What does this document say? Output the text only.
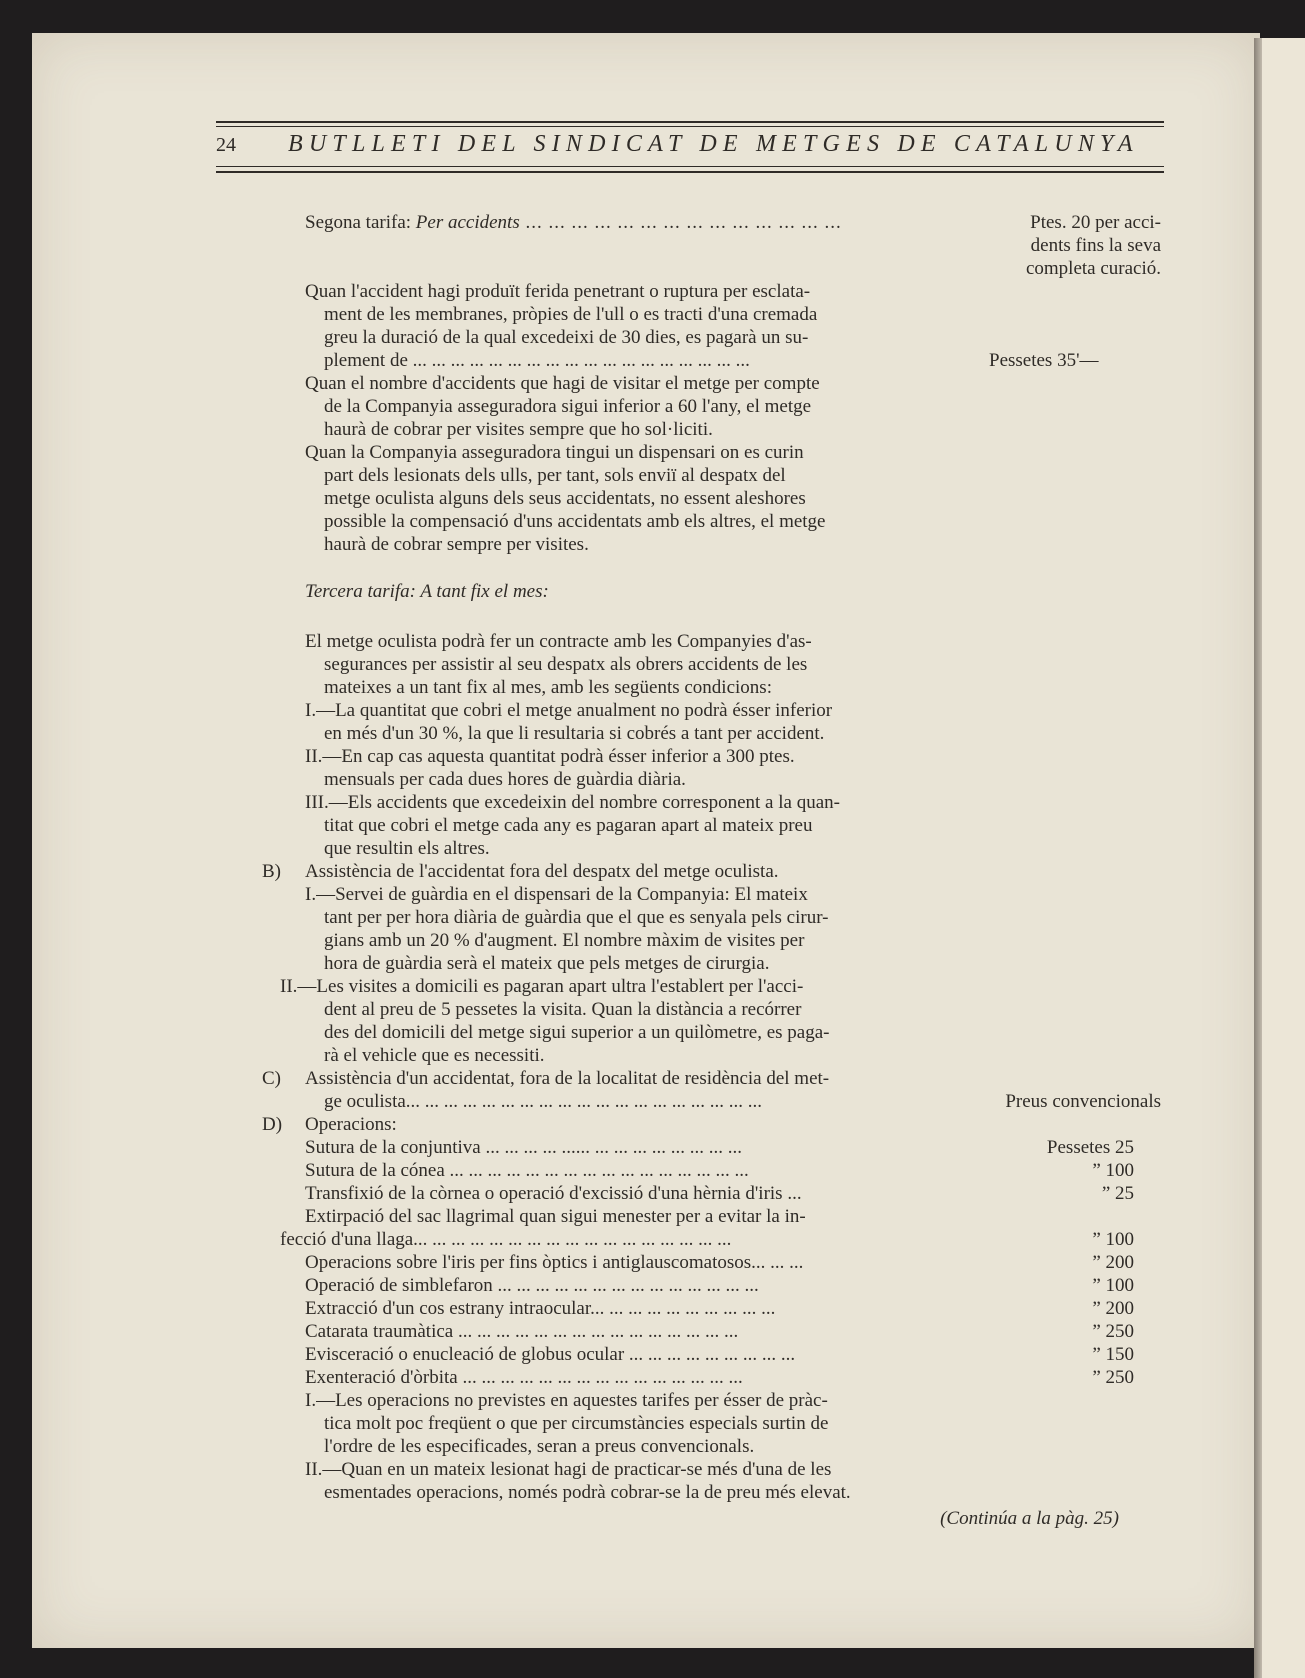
24 BUTLLETI DEL SINDICAT DE METGES DE CATALUNYA
Segona tarifa: Per accidents ... ... ... ... ... ... ... ... ... ... ... ... ... ...	Ptes. 20 per acci-
dents fins la seva
completa curació.
Quan l'accident hagi produït ferida penetrant o ruptura per esclata-
ment de les membranes, pròpies de l'ull o es tracti d'una cremada
greu la duració de la qual excedeixi de 30 dies, es pagarà un su-
plement de ... ... ... ... ... ... ... ... ... ... ... ... ... ... ... ... ... ...	Pessetes 35'—
Quan el nombre d'accidents que hagi de visitar el metge per compte
de la Companyia asseguradora sigui inferior a 60 l'any, el metge
haurà de cobrar per visites sempre que ho sol·liciti.
Quan la Companyia asseguradora tingui un dispensari on es curin
part dels lesionats dels ulls, per tant, sols enviï al despatx del
metge oculista alguns dels seus accidentats, no essent aleshores
possible la compensació d'uns accidentats amb els altres, el metge
haurà de cobrar sempre per visites.
Tercera tarifa: A tant fix el mes:
El metge oculista podrà fer un contracte amb les Companyies d'as-
segurances per assistir al seu despatx als obrers accidents de les
mateixes a un tant fix al mes, amb les següents condicions:
I.—La quantitat que cobri el metge anualment no podrà ésser inferior
en més d'un 30 %, la que li resultaria si cobrés a tant per accident.
II.—En cap cas aquesta quantitat podrà ésser inferior a 300 ptes.
mensuals per cada dues hores de guàrdia diària.
III.—Els accidents que excedeixin del nombre corresponent a la quan-
titat que cobri el metge cada any es pagaran apart al mateix preu
que resultin els altres.
B) Assistència de l'accidentat fora del despatx del metge oculista.
I.—Servei de guàrdia en el dispensari de la Companyia: El mateix
tant per per hora diària de guàrdia que el que es senyala pels cirur-
gians amb un 20 % d'augment. El nombre màxim de visites per
hora de guàrdia serà el mateix que pels metges de cirurgia.
II.—Les visites a domicili es pagaran apart ultra l'establert per l'acci-
dent al preu de 5 pessetes la visita. Quan la distància a recórrer
des del domicili del metge sigui superior a un quilòmetre, es paga-
rà el vehicle que es necessiti.
C) Assistència d'un accidentat, fora de la localitat de residència del met-
ge oculista... ... ... ... ... ... ... ... ... ... ... ... ... ... ... ... ... ... ...	Preus convencionals
D) Operacions:
Sutura de la conjuntiva ... ... ... ... ...... ... ... ... ... ... ... ... ...	Pessetes 25
Sutura de la cónea ... ... ... ... ... ... ... ... ... ... ... ... ... ... ... ...	” 100
Transfixió de la còrnea o operació d'excissió d'una hèrnia d'iris ...	” 25
Extirpació del sac llagrimal quan sigui menester per a evitar la in-
fecció d'una llaga... ... ... ... ... ... ... ... ... ... ... ... ... ... ... ... ...	” 100
Operacions sobre l'iris per fins òptics i antiglauscomatosos... ... ...	” 200
Operació de simblefaron ... ... ... ... ... ... ... ... ... ... ... ... ... ...	” 100
Extracció d'un cos estrany intraocular... ... ... ... ... ... ... ... ... ...	” 200
Catarata traumàtica ... ... ... ... ... ... ... ... ... ... ... ... ... ... ...	” 250
Evisceració o enucleació de globus ocular ... ... ... ... ... ... ... ... ...	” 150
Exenteració d'òrbita ... ... ... ... ... ... ... ... ... ... ... ... ... ... ...	” 250
I.—Les operacions no previstes en aquestes tarifes per ésser de pràc-
tica molt poc freqüent o que per circumstàncies especials surtin de
l'ordre de les especificades, seran a preus convencionals.
II.—Quan en un mateix lesionat hagi de practicar-se més d'una de les
esmentades operacions, només podrà cobrar-se la de preu més elevat.
(Continúa a la pàg. 25)
